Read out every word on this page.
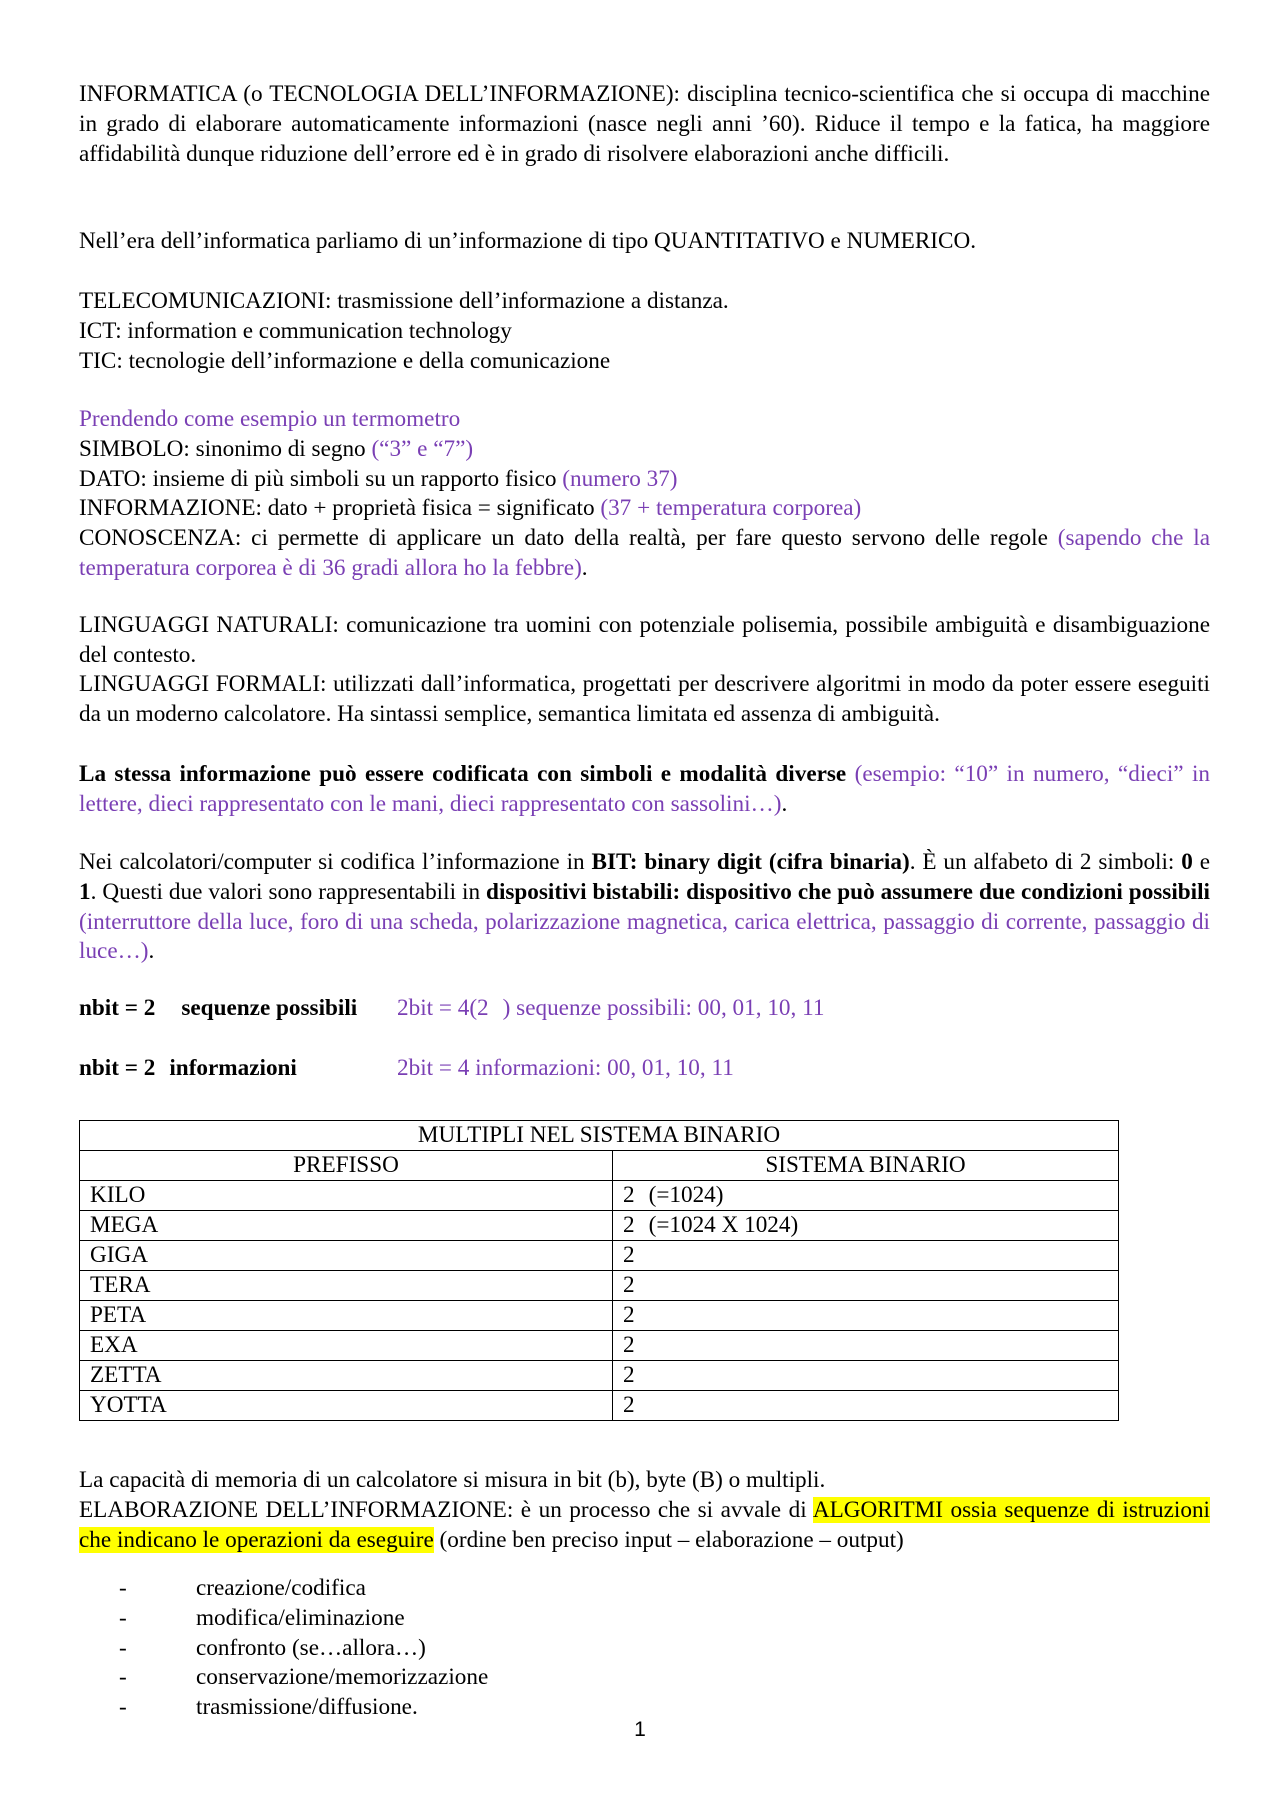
INFORMATICA (o TECNOLOGIA DELL’INFORMAZIONE): disciplina tecnico-scientifica che si occupa di macchine in grado di elaborare automaticamente informazioni (nasce negli anni ’60). Riduce il tempo e la fatica, ha maggiore affidabilità dunque riduzione dell’errore ed è in grado di risolvere elaborazioni anche difficili.
Nell’era dell’informatica parliamo di un’informazione di tipo QUANTITATIVO e NUMERICO.
TELECOMUNICAZIONI: trasmissione dell’informazione a distanza.
ICT: information e communication technology
TIC: tecnologie dell’informazione e della comunicazione
Prendendo come esempio un termometro
SIMBOLO: sinonimo di segno (“3” e “7”)
DATO: insieme di più simboli su un rapporto fisico (numero 37)
INFORMAZIONE: dato + proprietà fisica = significato (37 + temperatura corporea)
CONOSCENZA: ci permette di applicare un dato della realtà, per fare questo servono delle regole (sapendo che la temperatura corporea è di 36 gradi allora ho la febbre).
LINGUAGGI NATURALI: comunicazione tra uomini con potenziale polisemia, possibile ambiguità e disambiguazione del contesto.
LINGUAGGI FORMALI: utilizzati dall’informatica, progettati per descrivere algoritmi in modo da poter essere eseguiti da un moderno calcolatore. Ha sintassi semplice, semantica limitata ed assenza di ambiguità.
La stessa informazione può essere codificata con simboli e modalità diverse (esempio: “10” in numero, “dieci” in lettere, dieci rappresentato con le mani, dieci rappresentato con sassolini…).
Nei calcolatori/computer si codifica l’informazione in BIT: binary digit (cifra binaria). È un alfabeto di 2 simboli: 0 e 1. Questi due valori sono rappresentabili in dispositivi bistabili: dispositivo che può assumere due condizioni possibili (interruttore della luce, foro di una scheda, polarizzazione magnetica, carica elettrica, passaggio di corrente, passaggio di luce…).
nbit = 2 sequenze possibili 2bit = 4(2 ) sequenze possibili: 00, 01, 10, 11
nbit = 2 informazioni	2bit = 4 informazioni: 00, 01, 10, 11
MULTIPLI NEL SISTEMA BINARIO	
PREFISSO	SISTEMA BINARIO
KILO	2 (=1024)
MEGA	2 (=1024 X 1024)
GIGA	2
TERA	2
PETA	2
EXA	2
ZETTA	2
YOTTA	2
La capacità di memoria di un calcolatore si misura in bit (b), byte (B) o multipli.
ELABORAZIONE DELL’INFORMAZIONE: è un processo che si avvale di ALGORITMI ossia sequenze di istruzioni che indicano le operazioni da eseguire (ordine ben preciso input – elaborazione – output)
-	creazione/codifica
-	modifica/eliminazione
-	confronto (se…allora…)
-	conservazione/memorizzazione
-	trasmissione/diffusione.
1
